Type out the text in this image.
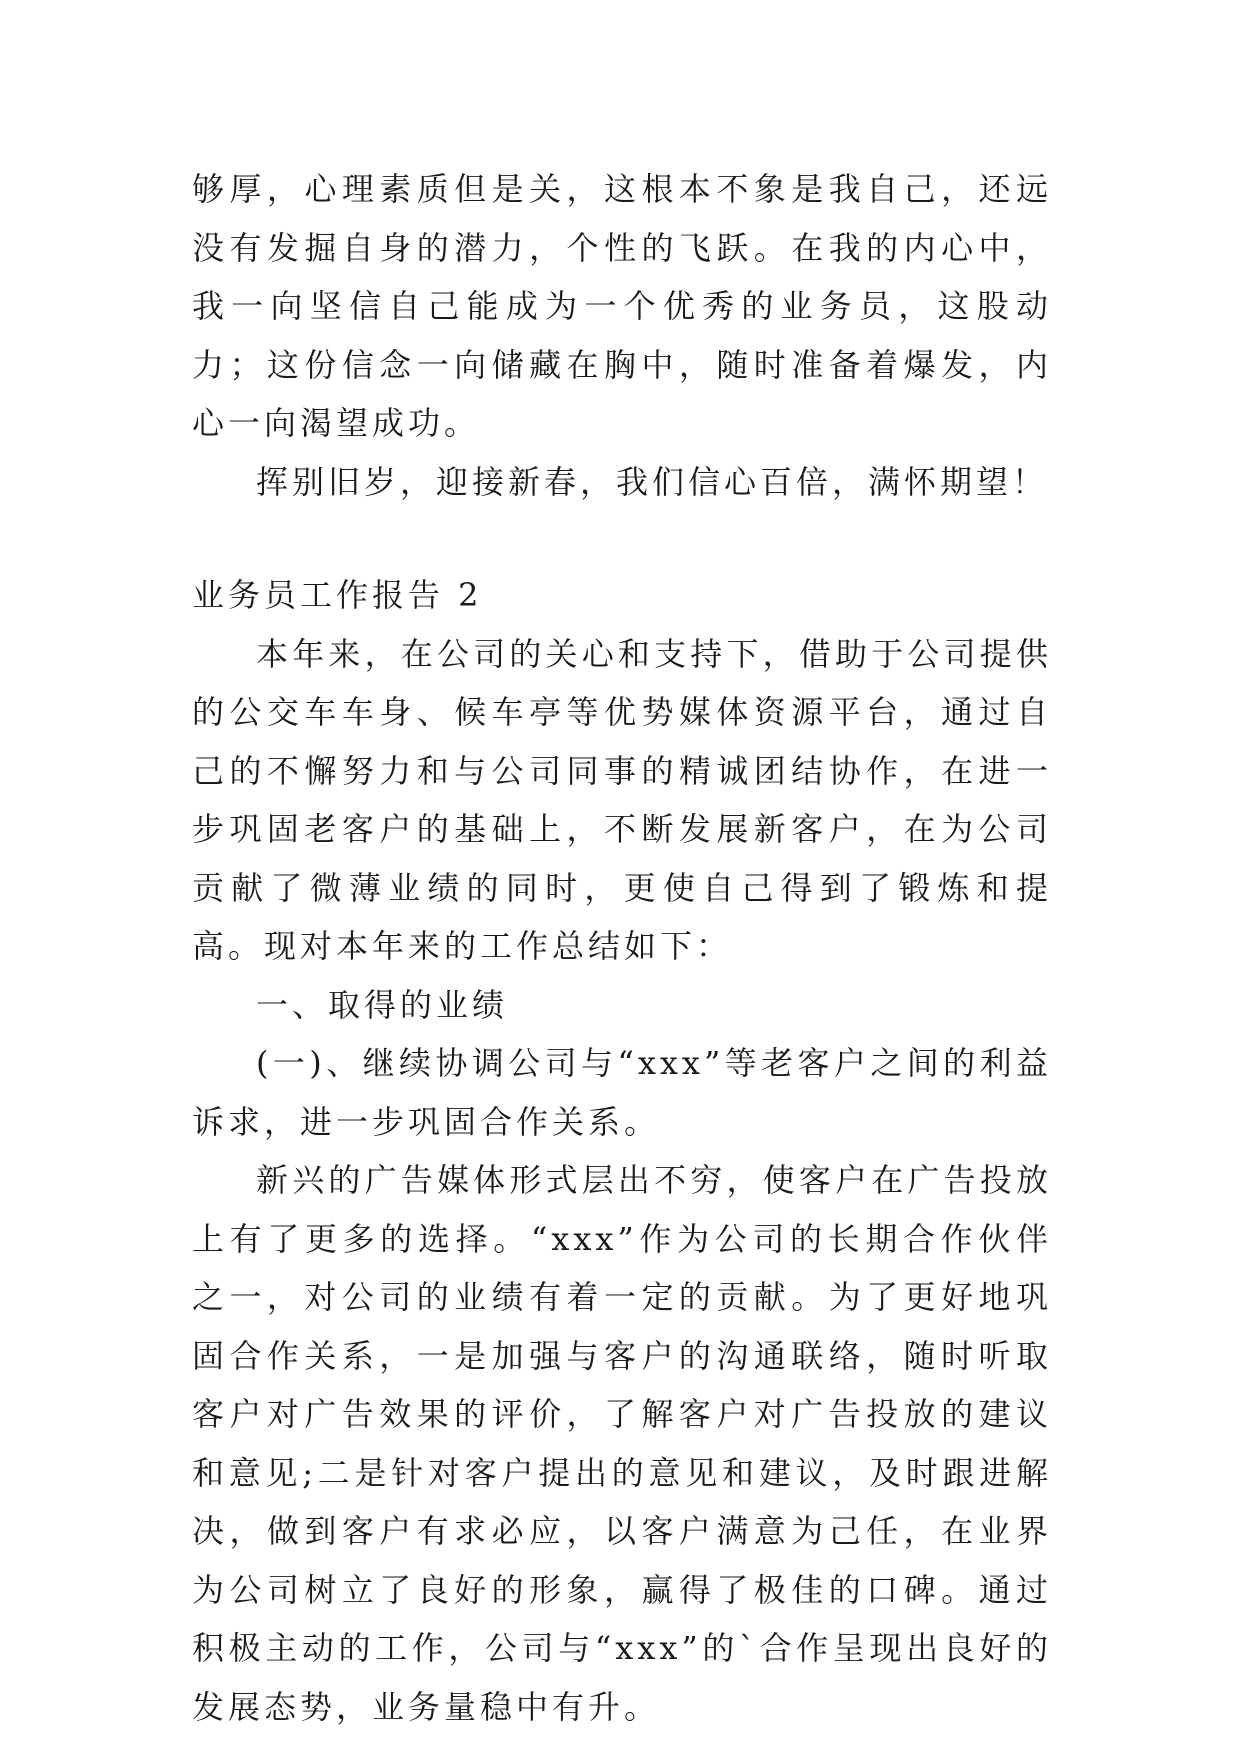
够厚，心理素质但是关，这根本不象是我自己，还远没有发掘自身的潜力，个性的飞跃。在我的内心中，我一向坚信自己能成为一个优秀的业务员，这股动力；这份信念一向储藏在胸中，随时准备着爆发，内心一向渴望成功。

挥别旧岁，迎接新春，我们信心百倍，满怀期望！

业务员工作报告 2

本年来，在公司的关心和支持下，借助于公司提供的公交车车身、候车亭等优势媒体资源平台，通过自己的不懈努力和与公司同事的精诚团结协作，在进一步巩固老客户的基础上，不断发展新客户，在为公司贡献了微薄业绩的同时，更使自己得到了锻炼和提高。现对本年来的工作总结如下：

一、取得的业绩

(一)、继续协调公司与“xxx”等老客户之间的利益诉求，进一步巩固合作关系。

新兴的广告媒体形式层出不穷，使客户在广告投放上有了更多的选择。“xxx”作为公司的长期合作伙伴之一，对公司的业绩有着一定的贡献。为了更好地巩固合作关系，一是加强与客户的沟通联络，随时听取客户对广告效果的评价，了解客户对广告投放的建议和意见;二是针对客户提出的意见和建议，及时跟进解决，做到客户有求必应，以客户满意为己任，在业界为公司树立了良好的形象，赢得了极佳的口碑。通过积极主动的工作，公司与“xxx”的`合作呈现出良好的发展态势，业务量稳中有升。
